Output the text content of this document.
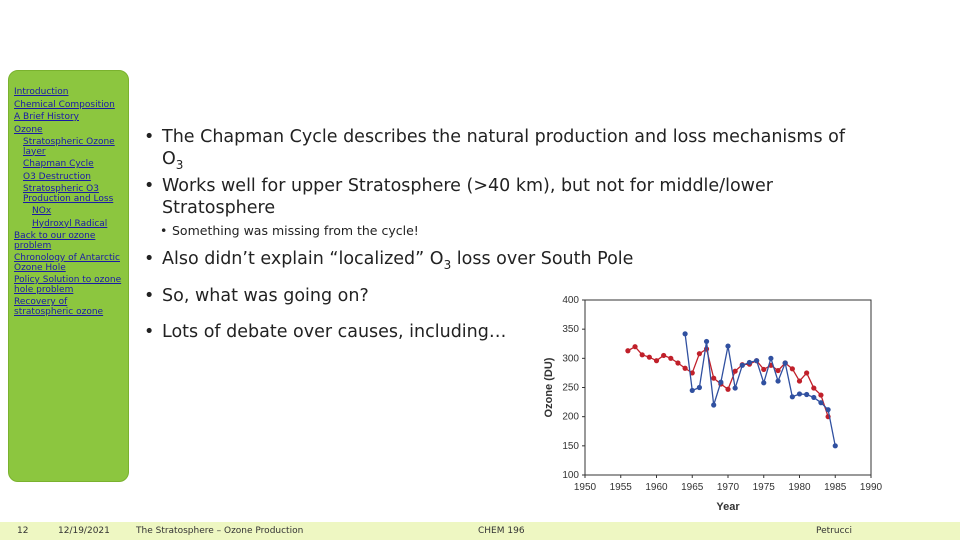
Introduction
Chemical Composition
A Brief History
Ozone
Stratospheric Ozone layer
Chapman Cycle
O3 Destruction
Stratospheric O3 Production and Loss
NOx
Hydroxyl Radical
Back to our ozone problem
Chronology of Antarctic Ozone Hole
Policy Solution to ozone hole problem
Recovery of stratospheric ozone
• The Chapman Cycle describes the natural production and loss mechanisms of $O_3$
• Works well for upper Stratosphere (>40 km), but not for middle/lower Stratosphere
• Something was missing from the cycle!
• Also didn’t explain “localized” $O_3$ loss over South Pole
• So, what was going on?
• Lots of debate over causes, including…
100
150
200
250
300
350
400
1950 1955 1960 1965 1970 1975 1980 1985 1990
Year
Ozone (DU)
12	12/19/2021	The Stratosphere – Ozone Production	CHEM 196	Petrucci
